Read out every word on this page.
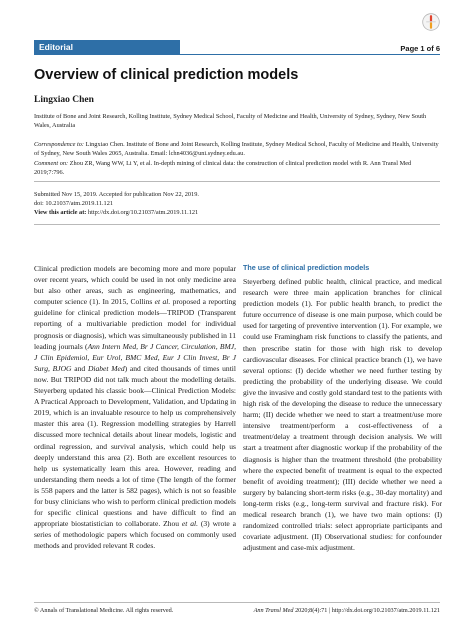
Editorial	Page 1 of 6
Overview of clinical prediction models
Lingxiao Chen
Institute of Bone and Joint Research, Kolling Institute, Sydney Medical School, Faculty of Medicine and Health, University of Sydney, Sydney, New South Wales, Australia
Correspondence to: Lingxiao Chen. Institute of Bone and Joint Research, Kolling Institute, Sydney Medical School, Faculty of Medicine and Health, University of Sydney, New South Wales 2065, Australia. Email: lchn4036@uni.sydney.edu.au.
Comment on: Zhou ZR, Wang WW, Li Y, et al. In-depth mining of clinical data: the construction of clinical prediction model with R. Ann Transl Med 2019;7:796.
Submitted Nov 15, 2019. Accepted for publication Nov 22, 2019.
doi: 10.21037/atm.2019.11.121
View this article at: http://dx.doi.org/10.21037/atm.2019.11.121
Clinical prediction models are becoming more and more popular over recent years, which could be used in not only medicine area but also other areas, such as engineering, mathematics, and computer science (1). In 2015, Collins et al. proposed a reporting guideline for clinical prediction models—TRIPOD (Transparent reporting of a multivariable prediction model for individual prognosis or diagnosis), which was simultaneously published in 11 leading journals (Ann Intern Med, Br J Cancer, Circulation, BMJ, J Clin Epidemiol, Eur Urol, BMC Med, Eur J Clin Invest, Br J Surg, BJOG and Diabet Med) and cited thousands of times until now. But TRIPOD did not talk much about the modelling details. Steyerberg updated his classic book—Clinical Prediction Models: A Practical Approach to Development, Validation, and Updating in 2019, which is an invaluable resource to help us comprehensively master this area (1). Regression modelling strategies by Harrell discussed more technical details about linear models, logistic and ordinal regression, and survival analysis, which could help us deeply understand this area (2). Both are excellent resources to help us systematically learn this area. However, reading and understanding them needs a lot of time (The length of the former is 558 papers and the latter is 582 pages), which is not so feasible for busy clinicians who wish to perform clinical prediction models for specific clinical questions and have difficult to find an appropriate biostatistician to collaborate. Zhou et al. (3) wrote a series of methodologic papers which focused on commonly used methods and provided relevant R codes.
The use of clinical prediction models
Steyerberg defined public health, clinical practice, and medical research were three main application branches for clinical prediction models (1). For public health branch, to predict the future occurrence of disease is one main purpose, which could be used for targeting of preventive intervention (1). For example, we could use Framingham risk functions to classify the patients, and then prescribe statin for those with high risk to develop cardiovascular diseases. For clinical practice branch (1), we have several options: (I) decide whether we need further testing by predicting the probability of the underlying disease. We could give the invasive and costly gold standard test to the patients with high risk of the developing the disease to reduce the unnecessary harm; (II) decide whether we need to start a treatment/use more intensive treatment/perform a cost-effectiveness of a treatment/delay a treatment through decision analysis. We will start a treatment after diagnostic workup if the probability of the diagnosis is higher than the treatment threshold (the probability where the expected benefit of treatment is equal to the expected benefit of avoiding treatment); (III) decide whether we need a surgery by balancing short-term risks (e.g., 30-day mortality) and long-term risks (e.g., long-term survival and fracture risk). For medical research branch (1), we have two main options: (I) randomized controlled trials: select appropriate participants and covariate adjustment. (II) Observational studies: for confounder adjustment and case-mix adjustment.
© Annals of Translational Medicine. All rights reserved.	Ann Transl Med 2020;8(4):71 | http://dx.doi.org/10.21037/atm.2019.11.121
